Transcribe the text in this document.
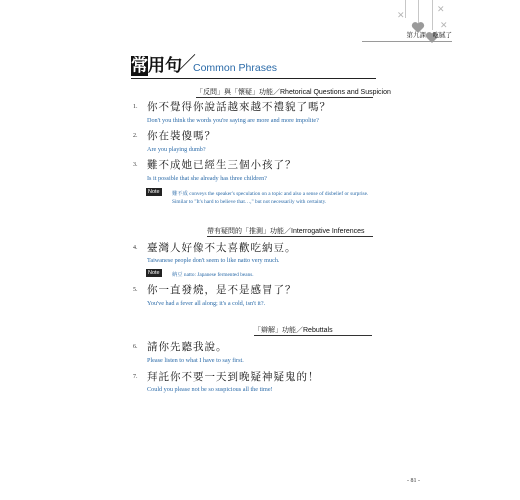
✕
✕
✕
第九課　吃膩了
常 用句
／
Common Phrases
「反問」與「懷疑」功能／Rhetorical Questions and Suspicion
1. 你不覺得你說話越來越不禮貌了嗎？
Don't you think the words you're saying are more and more impolite?
2. 你在裝傻嗎？
Are you playing dumb?
3. 難不成她已經生三個小孩了？
Is it possible that she already has three children?
Note	難不成 conveys the speaker's speculation on a topic and also a sense of disbelief or surprise.
Similar to "It's hard to believe that…," but not necessarily with certainty.
帶有疑問的「推測」功能／Interrogative Inferences
4. 臺灣人好像不太喜歡吃納豆。
Taiwanese people don't seem to like natto very much.
Note	納豆 natto: Japanese fermented beans.
5. 你一直發燒，是不是感冒了？
You've had a fever all along; it's a cold, isn't it?.
「辯解」功能／Rebuttals
6. 請你先聽我說。
Please listen to what I have to say first.
7. 拜託你不要一天到晚疑神疑鬼的！
Could you please not be so suspicious all the time!
- 81 -
